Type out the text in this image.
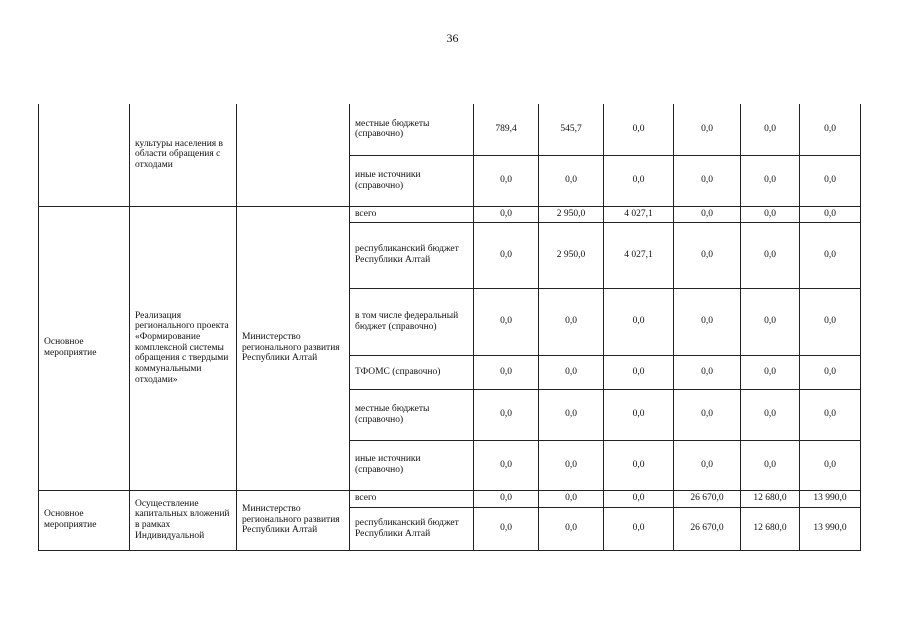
36
	культуры населения в области обращения с отходами		местные бюджеты (справочно)	789,4	545,7	0,0	0,0	0,0	0,0
			иные источники (справочно)	0,0	0,0	0,0	0,0	0,0	0,0
Основное мероприятие	Реализация регионального проекта «Формирование комплексной системы обращения с твердыми коммунальными отходами»	Министерство регионального развития Республики Алтай	всего	0,0	2 950,0	4 027,1	0,0	0,0	0,0
			республиканский бюджет Республики Алтай	0,0	2 950,0	4 027,1	0,0	0,0	0,0
			в том числе федеральный бюджет (справочно)	0,0	0,0	0,0	0,0	0,0	0,0
			ТФОМС (справочно)	0,0	0,0	0,0	0,0	0,0	0,0
			местные бюджеты (справочно)	0,0	0,0	0,0	0,0	0,0	0,0
			иные источники (справочно)	0,0	0,0	0,0	0,0	0,0	0,0
Основное мероприятие	Осуществление капитальных вложений в рамках Индивидуальной	Министерство регионального развития Республики Алтай	всего	0,0	0,0	0,0	26 670,0	12 680,0	13 990,0
			республиканский бюджет Республики Алтай	0,0	0,0	0,0	26 670,0	12 680,0	13 990,0
